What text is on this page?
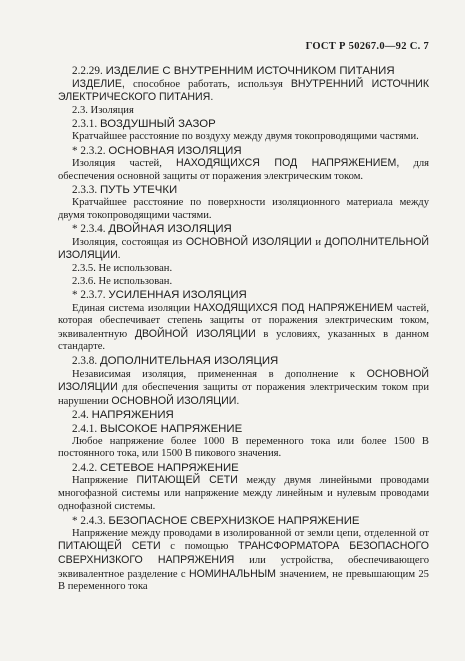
ГОСТ Р 50267.0—92 С. 7
2.2.29. ИЗДЕЛИЕ С ВНУТРЕННИМ ИСТОЧНИКОМ ПИТАНИЯ
ИЗДЕЛИЕ, способное работать, используя ВНУТРЕННИЙ ИСТОЧНИК ЭЛЕКТРИЧЕСКОГО ПИТАНИЯ.
2.3. Изоляция
2.3.1. ВОЗДУШНЫЙ ЗАЗОР
Кратчайшее расстояние по воздуху между двумя токопроводящими частями.
* 2.3.2. ОСНОВНАЯ ИЗОЛЯЦИЯ
Изоляция частей, НАХОДЯЩИХСЯ ПОД НАПРЯЖЕНИЕМ, для обеспечения основной защиты от поражения электрическим током.
2.3.3. ПУТЬ УТЕЧКИ
Кратчайшее расстояние по поверхности изоляционного материала между двумя токопроводящими частями.
* 2.3.4. ДВОЙНАЯ ИЗОЛЯЦИЯ
Изоляция, состоящая из ОСНОВНОЙ ИЗОЛЯЦИИ и ДОПОЛНИТЕЛЬНОЙ ИЗОЛЯЦИИ.
2.3.5. Не использован.
2.3.6. Не использован.
* 2.3.7. УСИЛЕННАЯ ИЗОЛЯЦИЯ
Единая система изоляции НАХОДЯЩИХСЯ ПОД НАПРЯЖЕНИЕМ частей, которая обеспечивает степень защиты от поражения электрическим током, эквивалентную ДВОЙНОЙ ИЗОЛЯЦИИ в условиях, указанных в данном стандарте.
2.3.8. ДОПОЛНИТЕЛЬНАЯ ИЗОЛЯЦИЯ
Независимая изоляция, примененная в дополнение к ОСНОВНОЙ ИЗОЛЯЦИИ для обеспечения защиты от поражения электрическим током при нарушении ОСНОВНОЙ ИЗОЛЯЦИИ.
2.4. НАПРЯЖЕНИЯ
2.4.1. ВЫСОКОЕ НАПРЯЖЕНИЕ
Любое напряжение более 1000 В переменного тока или более 1500 В постоянного тока, или 1500 В пикового значения.
2.4.2. СЕТЕВОЕ НАПРЯЖЕНИЕ
Напряжение ПИТАЮЩЕЙ СЕТИ между двумя линейными проводами многофазной системы или напряжение между линейным и нулевым проводами однофазной системы.
* 2.4.3. БЕЗОПАСНОЕ СВЕРХНИЗКОЕ НАПРЯЖЕНИЕ
Напряжение между проводами в изолированной от земли цепи, отделенной от ПИТАЮЩЕЙ СЕТИ с помощью ТРАНСФОРМАТОРА БЕЗОПАСНОГО СВЕРХНИЗКОГО НАПРЯЖЕНИЯ или устройства, обеспечивающего эквивалентное разделение с НОМИНАЛЬНЫМ значением, не превышающим 25 В переменного тока
